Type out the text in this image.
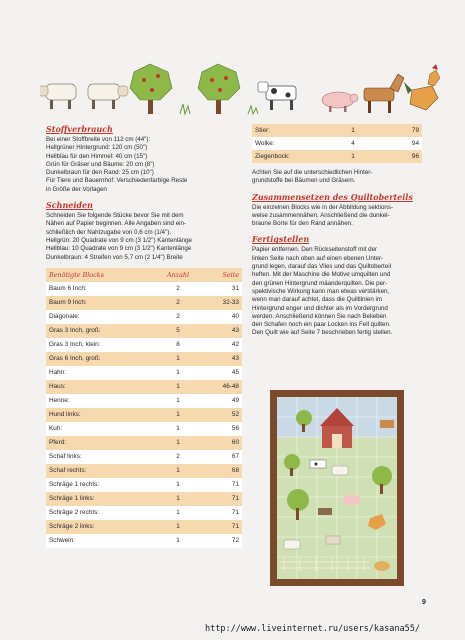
Stoffverbrauch
Bei einer Stoffbreite von 112 cm (44"):
Hellgrüner Hintergrund: 120 cm (50")
Hellblau für den Himmel: 40 cm (15")
Grün für Gräser und Bäume: 20 cm (8")
Dunkelbraun für den Rand: 25 cm (10")
Für Tiere und Bauernhof: Verschiedenfarbige Reste
in Größe der Vorlagen
Schneiden
Schneiden Sie folgende Stücke bevor Sie mit dem
Nähen auf Papier beginnen. Alle Angaben sind ein-
schließlich der Nahtzugabe von 0,6 cm (1/4").
Hellgrün: 20 Quadrate von 9 cm (3 1/2") Kantenlänge
Hellblau: 10 Quadrate von 9 cm (3 1/2") Kantenlänge
Dunkelbraun: 4 Streifen von 5,7 cm (2 1/4") Breite
Benötigte Blocks	Anzahl	Seite
Baum 6 Inch:	2	31
Baum 9 Inch:	2	32-33
Diagonale:	2	40
Gras 3 Inch, groß:	5	43
Gras 3 Inch, klein:	8	42
Gras 6 Inch, groß:	1	43
Hahn:	1	45
Haus:	1	46-48
Henne:	1	49
Hund links:	1	52
Kuh:	1	56
Pferd:	1	60
Schaf links:	2	67
Schaf rechts:	1	68
Schräge 1 rechts:	1	71
Schräge 1 links:	1	71
Schräge 2 rechts:	1	71
Schräge 2 links:	1	71
Schwein:	1	72
Stier:	1	79
Wolke:	4	94
Ziegenbock:	1	96
Achten Sie auf die unterschiedlichen Hinter-
grundstoffe bei Bäumen und Gräsern.
Zusammensetzen des Quiltoberteils
Die einzelnen Blocks wie in der Abbildung sektions-
weise zusammennähen. Anschließend die dunkel-
braune Borte für den Rand annähen.
Fertigstellen
Papier entfernen. Den Rückseitenstoff mit der
linken Seite nach oben auf einen ebenen Unter-
grund legen, darauf das Vlies und das Quiltoberteil
heften. Mit der Maschine die Motive umquilten und
den grünen Hintergrund mäanderquilten. Die per-
spektivische Wirkung kann man etwas verstärken,
wenn man darauf achtet, dass die Quiltlinien im
Hintergrund enger und dichter als im Vordergrund
werden. Anschließend können Sie nach Belieben
den Schafen noch ein paar Locken ins Fell quilten.
Den Quilt wie auf Seite 7 beschrieben fertig stellen.
9
http://www.liveinternet.ru/users/kasana55/
